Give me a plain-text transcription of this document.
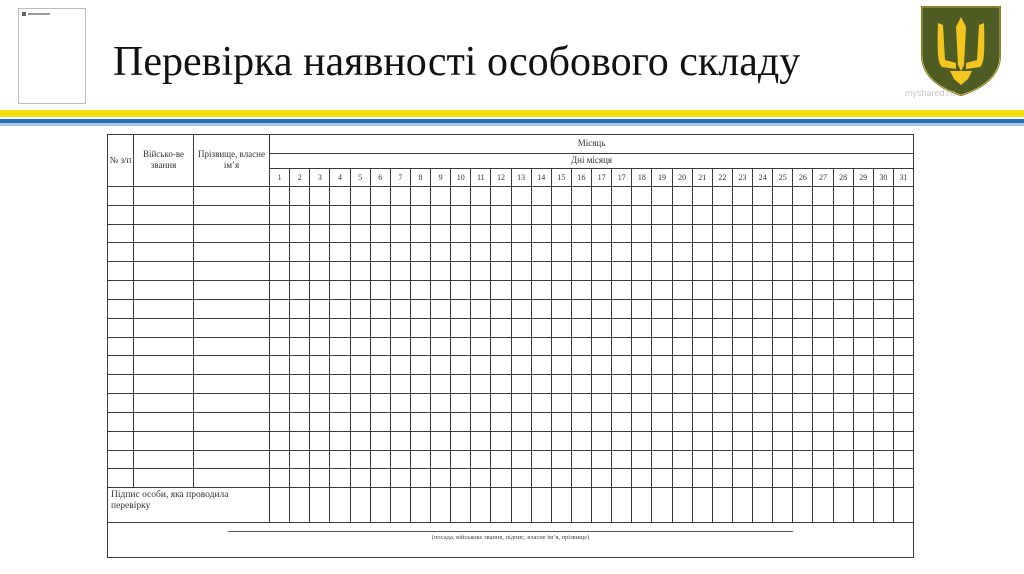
Перевірка наявності особового складу
myshared.ru
№ з/п	Військо-ве звання	Прізвище, власне ім’я	Місяць																															
			Дні місяця																															
			1	2	3	4	5	6	7	8	9	10	11	12	13	14	15	16	17	17	18	19	20	21	22	23	24	25	26	27	28	29	30	31

Підпис особи, яка проводила перевірку																																		

(посада, військове звання, підпис, власне ім’я, прізвище)																																		
